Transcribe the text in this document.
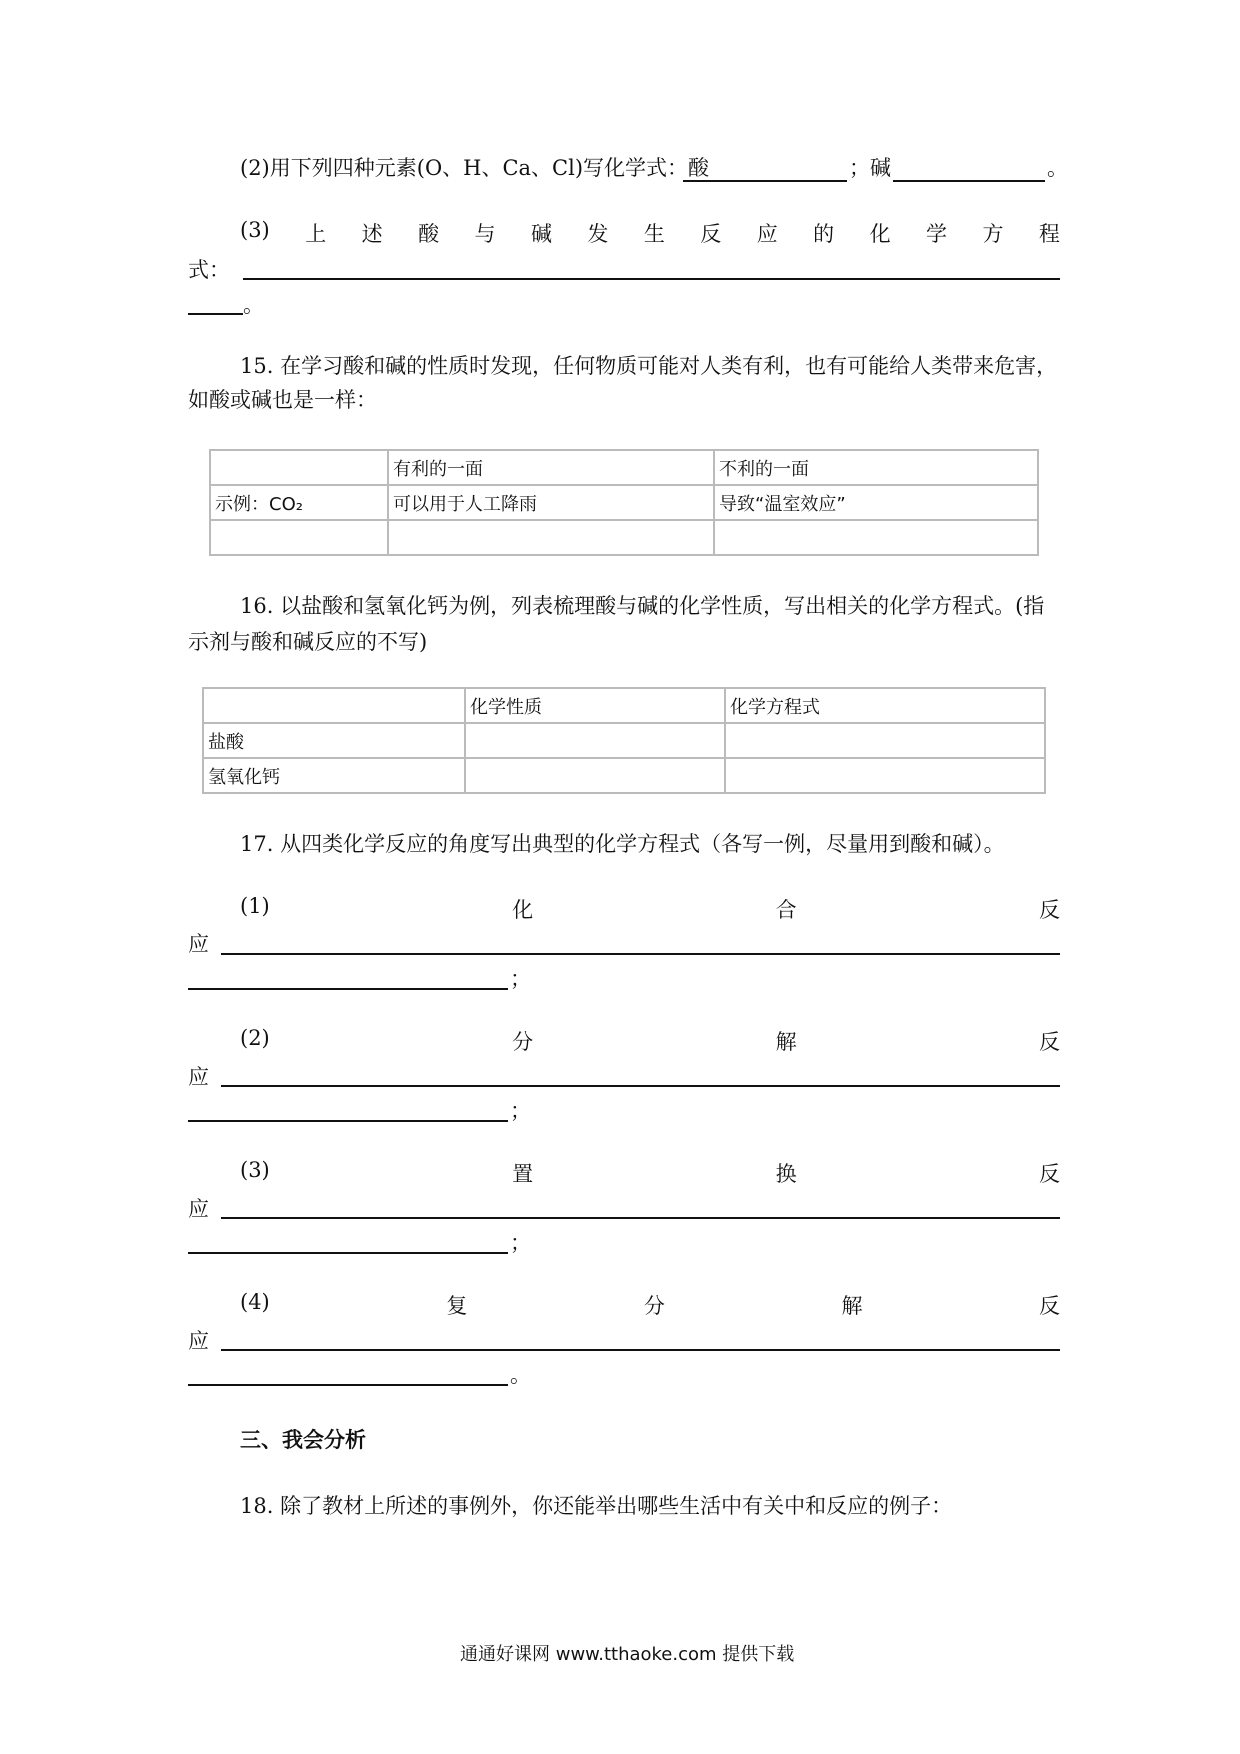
(2)用下列四种元素(O、H、Ca、Cl)写化学式：酸	；碱	。
(3) 上 述 酸 与 碱 发 生 反 应 的 化 学 方 程
式：
。
15. 在学习酸和碱的性质时发现，任何物质可能对人类有利，也有可能给人类带来危害，
如酸或碱也是一样：
	有利的一面	不利的一面
示例：CO₂	可以用于人工降雨	导致“温室效应”

16. 以盐酸和氢氧化钙为例，列表梳理酸与碱的化学性质，写出相关的化学方程式。(指
示剂与酸和碱反应的不写)
	化学性质	化学方程式
盐酸		
氢氧化钙		
17. 从四类化学反应的角度写出典型的化学方程式（各写一例，尽量用到酸和碱）。
(1)	化	合	反
应
；
(2)	分	解	反
应
；
(3)	置	换	反
应
；
(4)	复	分	解	反
应
。
三、我会分析
18. 除了教材上所述的事例外，你还能举出哪些生活中有关中和反应的例子：
通通好课网 www.tthaoke.com 提供下载
